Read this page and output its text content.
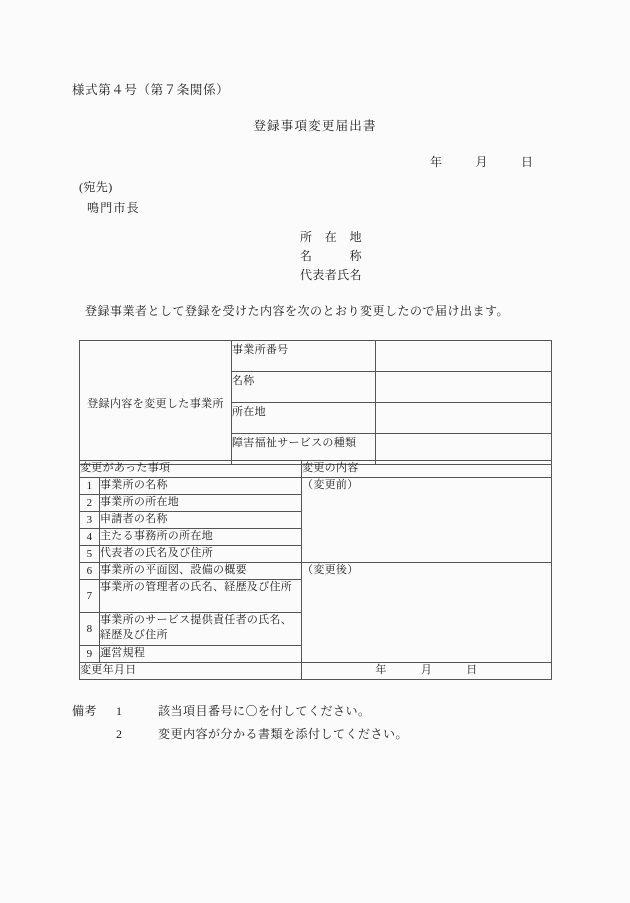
様式第４号（第７条関係）
登録事項変更届出書
年	月	日
(宛先)
鳴門市長
所　在　地
名　　　称
代表者氏名
登録事業者として登録を受けた内容を次のとおり変更したので届け出ます。
登録内容を変更した事業所	事業所番号	
	名称	
	所在地	
	障害福祉サービスの種類	
変更があった事項		変更の内容
1	事業所の名称	（変更前）
2	事業所の所在地	
3	申請者の名称	
4	主たる事務所の所在地	
5	代表者の氏名及び住所	
6	事業所の平面図、設備の概要	（変更後）
7	事業所の管理者の氏名、経歴及び住所	
8	事業所のサービス提供責任者の氏名、経歴及び住所	
9	運営規程	
変更年月日		年 月 日
備考	1	該当項目番号に〇を付してください。
2	変更内容が分かる書類を添付してください。
